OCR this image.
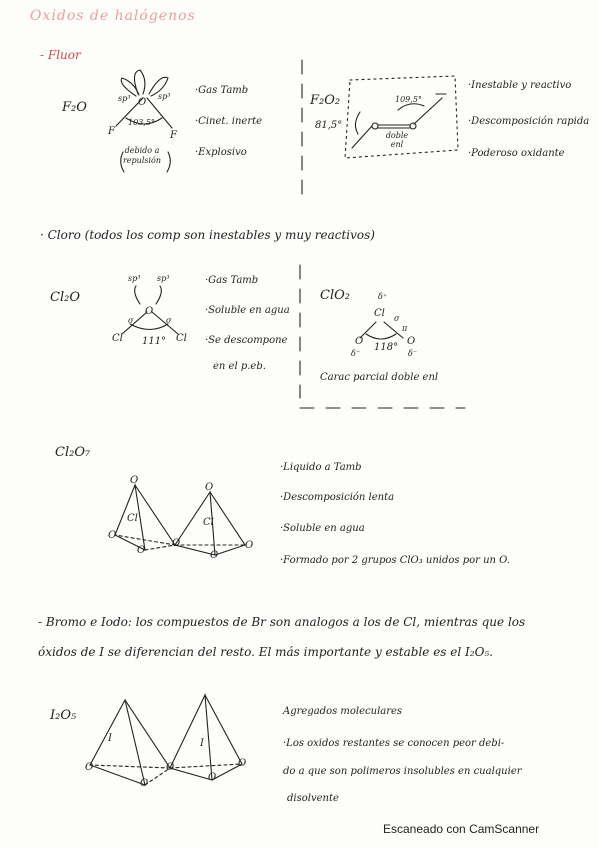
Oxidos de halógenos
- Fluor
F₂O
sp³	sp³
O
103,5°
F	F
debido a repulsión
·Gas Tamb
·Cinet. inerte
·Explosivo
F₂O₂	109,5°
81,5°
doble enl
·Inestable y reactivo
·Descomposición rapida
·Poderoso oxidante
· Cloro (todos los comp son inestables y muy reactivos)
Cl₂O
sp³ sp³
O
Cl	Cl
σ	σ
111°
·Gas Tamb
·Soluble en agua
·Se descompone
en el p.eb.
ClO₂	δ⁺
Cl σ
π
O	O
δ⁻	δ⁻
118°
Carac parcial doble enl
Cl₂O₇
O
O
O
O
O
O
O
Cl	Cl
·Liquido a Tamb
·Descomposición lenta
·Soluble en agua
·Formado por 2 grupos ClO₃ unidos por un O.
- Bromo e Iodo: los compuestos de Br son analogos a los de Cl, mientras que los
óxidos de I se diferencian del resto. El más importante y estable es el I₂O₅.
I₂O₅
I	I
O
O
O
O
O
Agregados moleculares
·Los oxidos restantes se conocen peor debi-
do a que son polimeros insolubles en cualquier
disolvente
Escaneado con CamScanner
